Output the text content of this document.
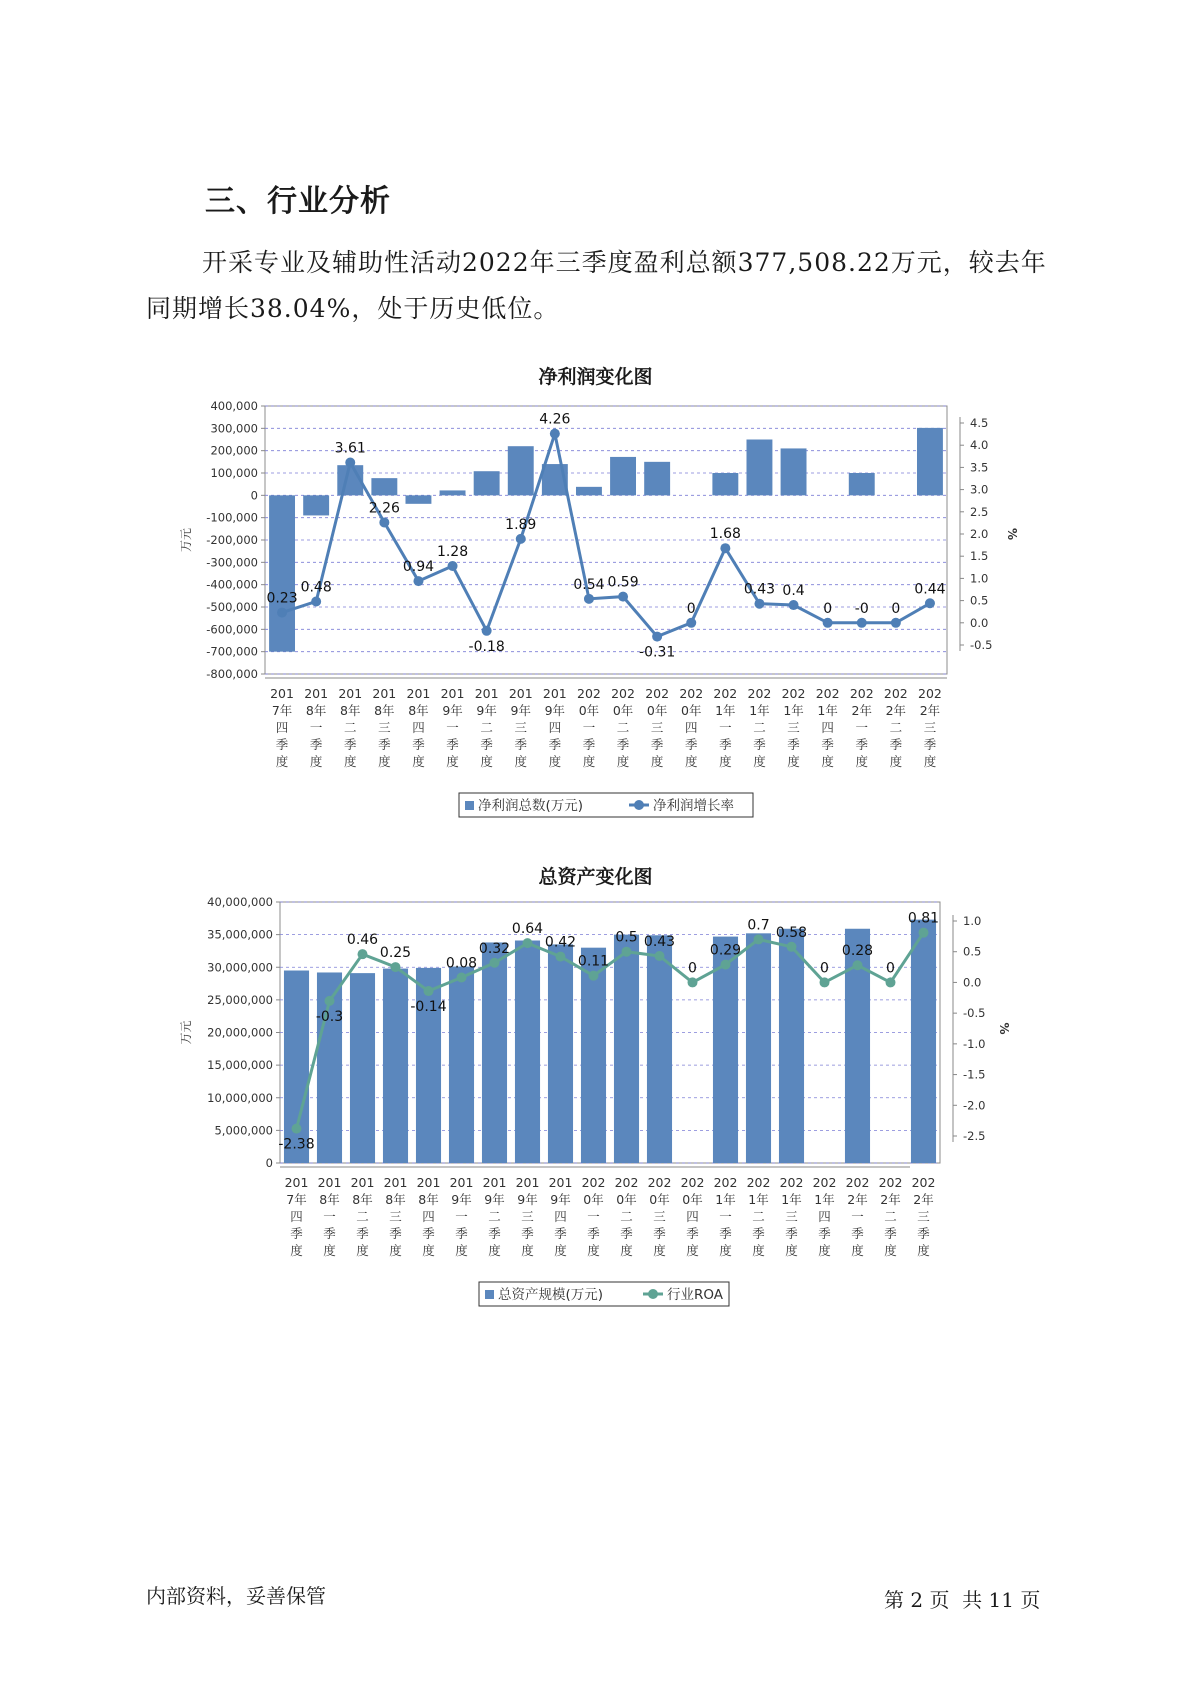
三、行业分析
开采专业及辅助性活动2022年三季度盈利总额377,508.22万元，较去年同期增长38.04%，处于历史低位。
净利润变化图
400,000
300,000
200,000
100,000
0
-100,000
-200,000
-300,000
-400,000
-500,000
-600,000
-700,000
-800,000
4.5
4.0
3.5
3.0
2.5
2.0
1.5
1.0
0.5
0.0
-0.5
万元	%
0.23
0.48
3.61
2.26
0.94
1.28
-0.18
1.89
4.26
0.54 0.59
-0.31
0
1.68
0.43 0.4
0 -0 0
0.44
201
7年
四
季
度
201
8年
一
季
度
201
8年
二
季
度
201
8年
三
季
度
201
8年
四
季
度
201
9年
一
季
度
201
9年
二
季
度
201
9年
三
季
度
201
9年
四
季
度
202
0年
一
季
度
202
0年
二
季
度
202
0年
三
季
度
202
0年
四
季
度
202
1年
一
季
度
202
1年
二
季
度
202
1年
三
季
度
202
1年
四
季
度
202
2年
一
季
度
202
2年
二
季
度
202
2年
三
季
度
净利润总数(万元)	净利润增长率
总资产变化图
40,000,000
35,000,000
30,000,000
25,000,000
20,000,000
15,000,000
10,000,000
5,000,000
0
1.0
0.5
0.0
-0.5
-1.0
-1.5
-2.0
-2.5
万元	%
-2.38
-0.3
0.46
0.25
-0.14
0.08
0.32
0.64
0.42
0.11
0.5 0.43
0
0.29
0.7 0.58
0
0.28
0
0.81
201
7年
四
季
度
201
8年
一
季
度
201
8年
二
季
度
201
8年
三
季
度
201
8年
四
季
度
201
9年
一
季
度
201
9年
二
季
度
201
9年
三
季
度
201
9年
四
季
度
202
0年
一
季
度
202
0年
二
季
度
202
0年
三
季
度
202
0年
四
季
度
202
1年
一
季
度
202
1年
二
季
度
202
1年
三
季
度
202
1年
四
季
度
202
2年
一
季
度
202
2年
二
季
度
202
2年
三
季
度
总资产规模(万元)	行业ROA
内部资料，妥善保管	第 2 页  共 11 页
